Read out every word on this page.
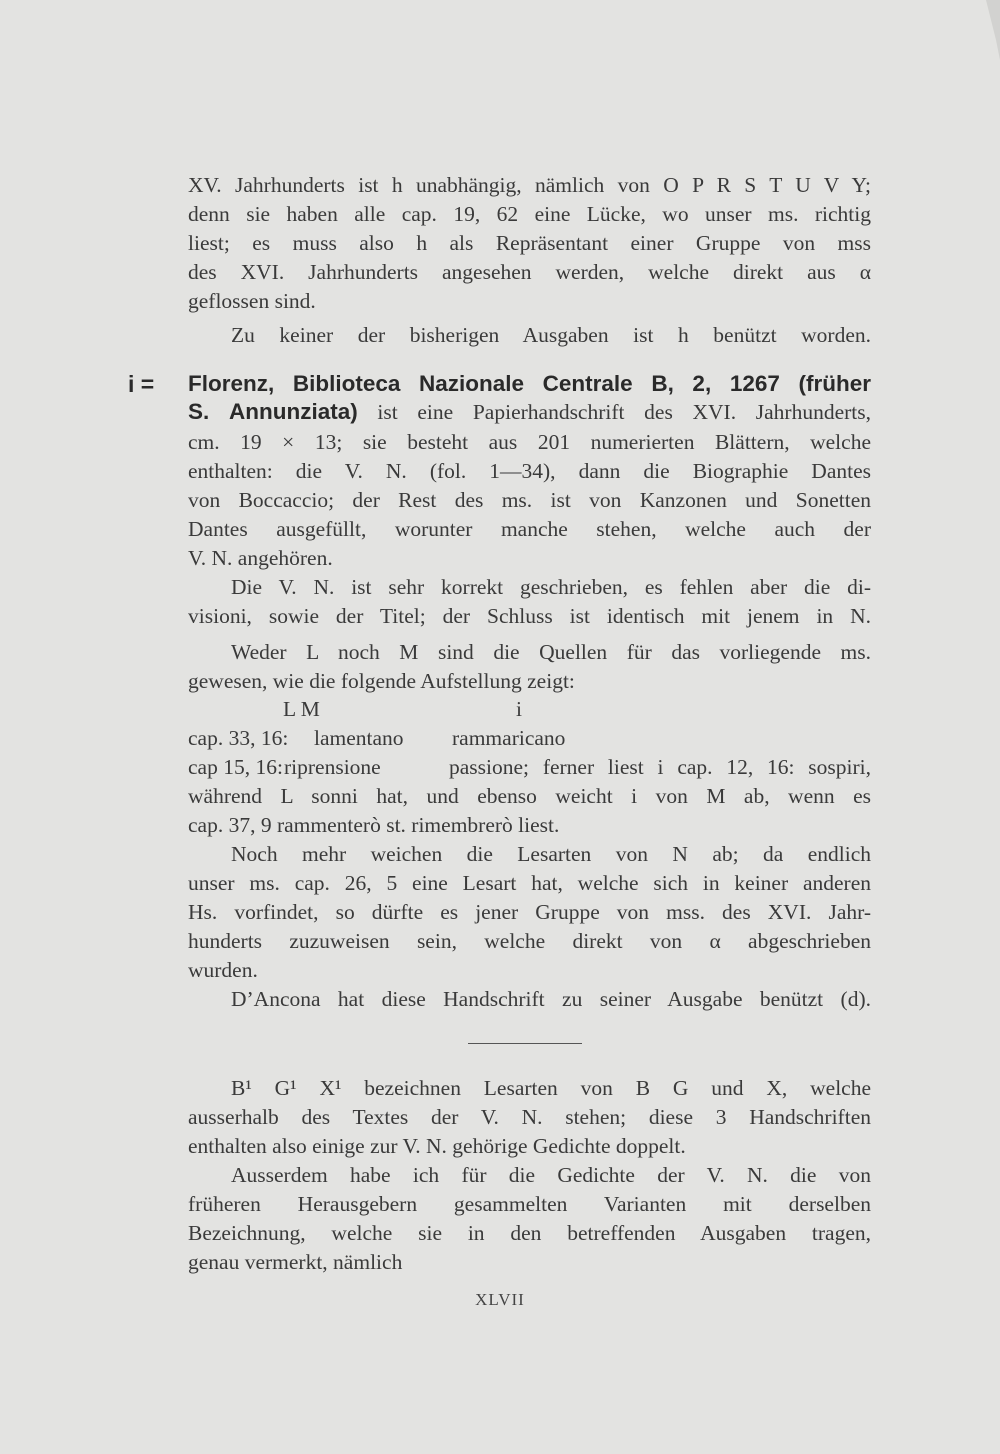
XV. Jahrhunderts ist h unabhängig, nämlich von O P R S T U V Y;
denn sie haben alle cap. 19, 62 eine Lücke, wo unser ms. richtig
liest; es muss also h als Repräsentant einer Gruppe von mss
des XVI. Jahrhunderts angesehen werden, welche direkt aus α
geflossen sind.
Zu keiner der bisherigen Ausgaben ist h benützt worden.
i = Florenz, Biblioteca Nazionale Centrale B, 2, 1267 (früher
S. Annunziata) ist eine Papierhandschrift des XVI. Jahrhunderts,
cm. 19 × 13; sie besteht aus 201 numerierten Blättern, welche
enthalten: die V. N. (fol. 1—34), dann die Biographie Dantes
von Boccaccio; der Rest des ms. ist von Kanzonen und Sonetten
Dantes ausgefüllt, worunter manche stehen, welche auch der
V. N. angehören.
Die V. N. ist sehr korrekt geschrieben, es fehlen aber die di-
visioni, sowie der Titel; der Schluss ist identisch mit jenem in N.
Weder L noch M sind die Quellen für das vorliegende ms.
gewesen, wie die folgende Aufstellung zeigt:
L M	i
cap. 33, 16: lamentano rammaricano
cap 15, 16: riprensione	passione; ferner liest i cap. 12, 16: sospiri,
während L sonni hat, und ebenso weicht i von M ab, wenn es
cap. 37, 9 rammenterò st. rimembrerò liest.
Noch mehr weichen die Lesarten von N ab; da endlich
unser ms. cap. 26, 5 eine Lesart hat, welche sich in keiner anderen
Hs. vorfindet, so dürfte es jener Gruppe von mss. des XVI. Jahr-
hunderts zuzuweisen sein, welche direkt von α abgeschrieben
wurden.
D’Ancona hat diese Handschrift zu seiner Ausgabe benützt (d).
B¹ G¹ X¹ bezeichnen Lesarten von B G und X, welche
ausserhalb des Textes der V. N. stehen; diese 3 Handschriften
enthalten also einige zur V. N. gehörige Gedichte doppelt.
Ausserdem habe ich für die Gedichte der V. N. die von
früheren Herausgebern gesammelten Varianten mit derselben
Bezeichnung, welche sie in den betreffenden Ausgaben tragen,
genau vermerkt, nämlich
XLVII
